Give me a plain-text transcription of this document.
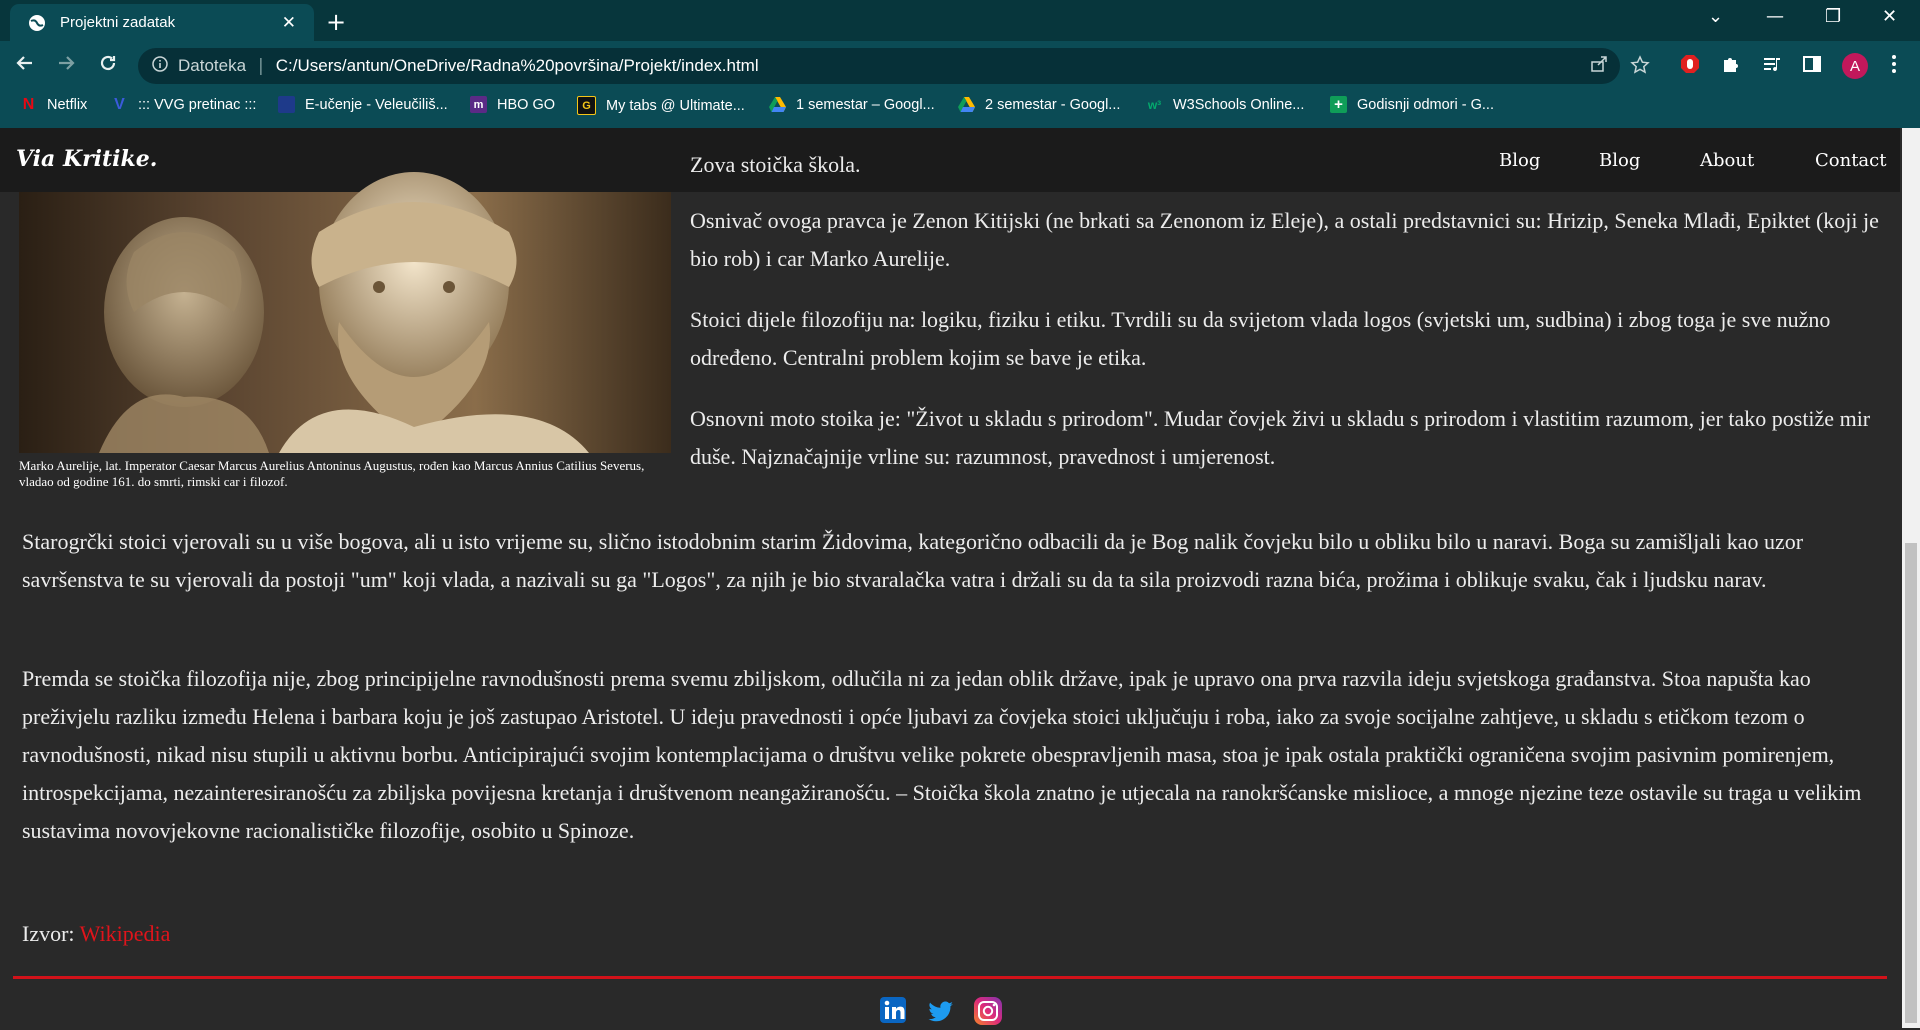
Projektni zadatak	✕ +	⌄ — ❐ ✕
Datoteka | C:/Users/antun/OneDrive/Radna%20površina/Projekt/index.html	A
N Netflix V ::: VVG pretinac :::	E-učenje - Veleučiliš...	m HBO GO	G	My tabs @ Ultimate...	1 semestar – Googl...	2 semestar - Googl... w³ W3Schools Online... + Godisnji odmori - G...
Via Kritike.	Blog	Blog	About	Contact
Marko Aurelije, lat. Imperator Caesar Marcus Aurelius Antoninus Augustus, rođen kao Marcus Annius Catilius Severus, vladao od godine 161. do smrti, rimski car i filozof.
Zova stoička škola.

Osnivač ovoga pravca je Zenon Kitijski (ne brkati sa Zenonom iz Eleje), a ostali predstavnici su: Hrizip, Seneka Mlađi, Epiktet (koji je bio rob) i car Marko Aurelije.

Stoici dijele filozofiju na: logiku, fiziku i etiku. Tvrdili su da svijetom vlada logos (svjetski um, sudbina) i zbog toga je sve nužno određeno. Centralni problem kojim se bave je etika.

Osnovni moto stoika je: "Život u skladu s prirodom". Mudar čovjek živi u skladu s prirodom i vlastitim razumom, jer tako postiže mir duše. Najznačajnije vrline su: razumnost, pravednost i umjerenost.

Starogrčki stoici vjerovali su u više bogova, ali u isto vrijeme su, slično istodobnim starim Židovima, kategorično odbacili da je Bog nalik čovjeku bilo u obliku bilo u naravi. Boga su zamišljali kao uzor savršenstva te su vjerovali da postoji "um" koji vlada, a nazivali su ga "Logos", za njih je bio stvaralačka vatra i držali su da ta sila proizvodi razna bića, prožima i oblikuje svaku, čak i ljudsku narav.

Premda se stoička filozofija nije, zbog principijelne ravnodušnosti prema svemu zbiljskom, odlučila ni za jedan oblik države, ipak je upravo ona prva razvila ideju svjetskoga građanstva. Stoa napušta kao preživjelu razliku između Helena i barbara koju je još zastupao Aristotel. U ideju pravednosti i opće ljubavi za čovjeka stoici uključuju i roba, iako za svoje socijalne zahtjeve, u skladu s etičkom tezom o ravnodušnosti, nikad nisu stupili u aktivnu borbu. Anticipirajući svojim kontemplacijama o društvu velike pokrete obespravljenih masa, stoa je ipak ostala praktički ograničena svojim pasivnim pomirenjem, introspekcijama, nezainteresiranošću za zbiljska povijesna kretanja i društvenom neangažiranošću. – Stoička škola znatno je utjecala na ranokršćanske mislioce, a mnoge njezine teze ostavile su traga u velikim sustavima novovjekovne racionalističke filozofije, osobito u Spinoze.

Izvor: Wikipedia
